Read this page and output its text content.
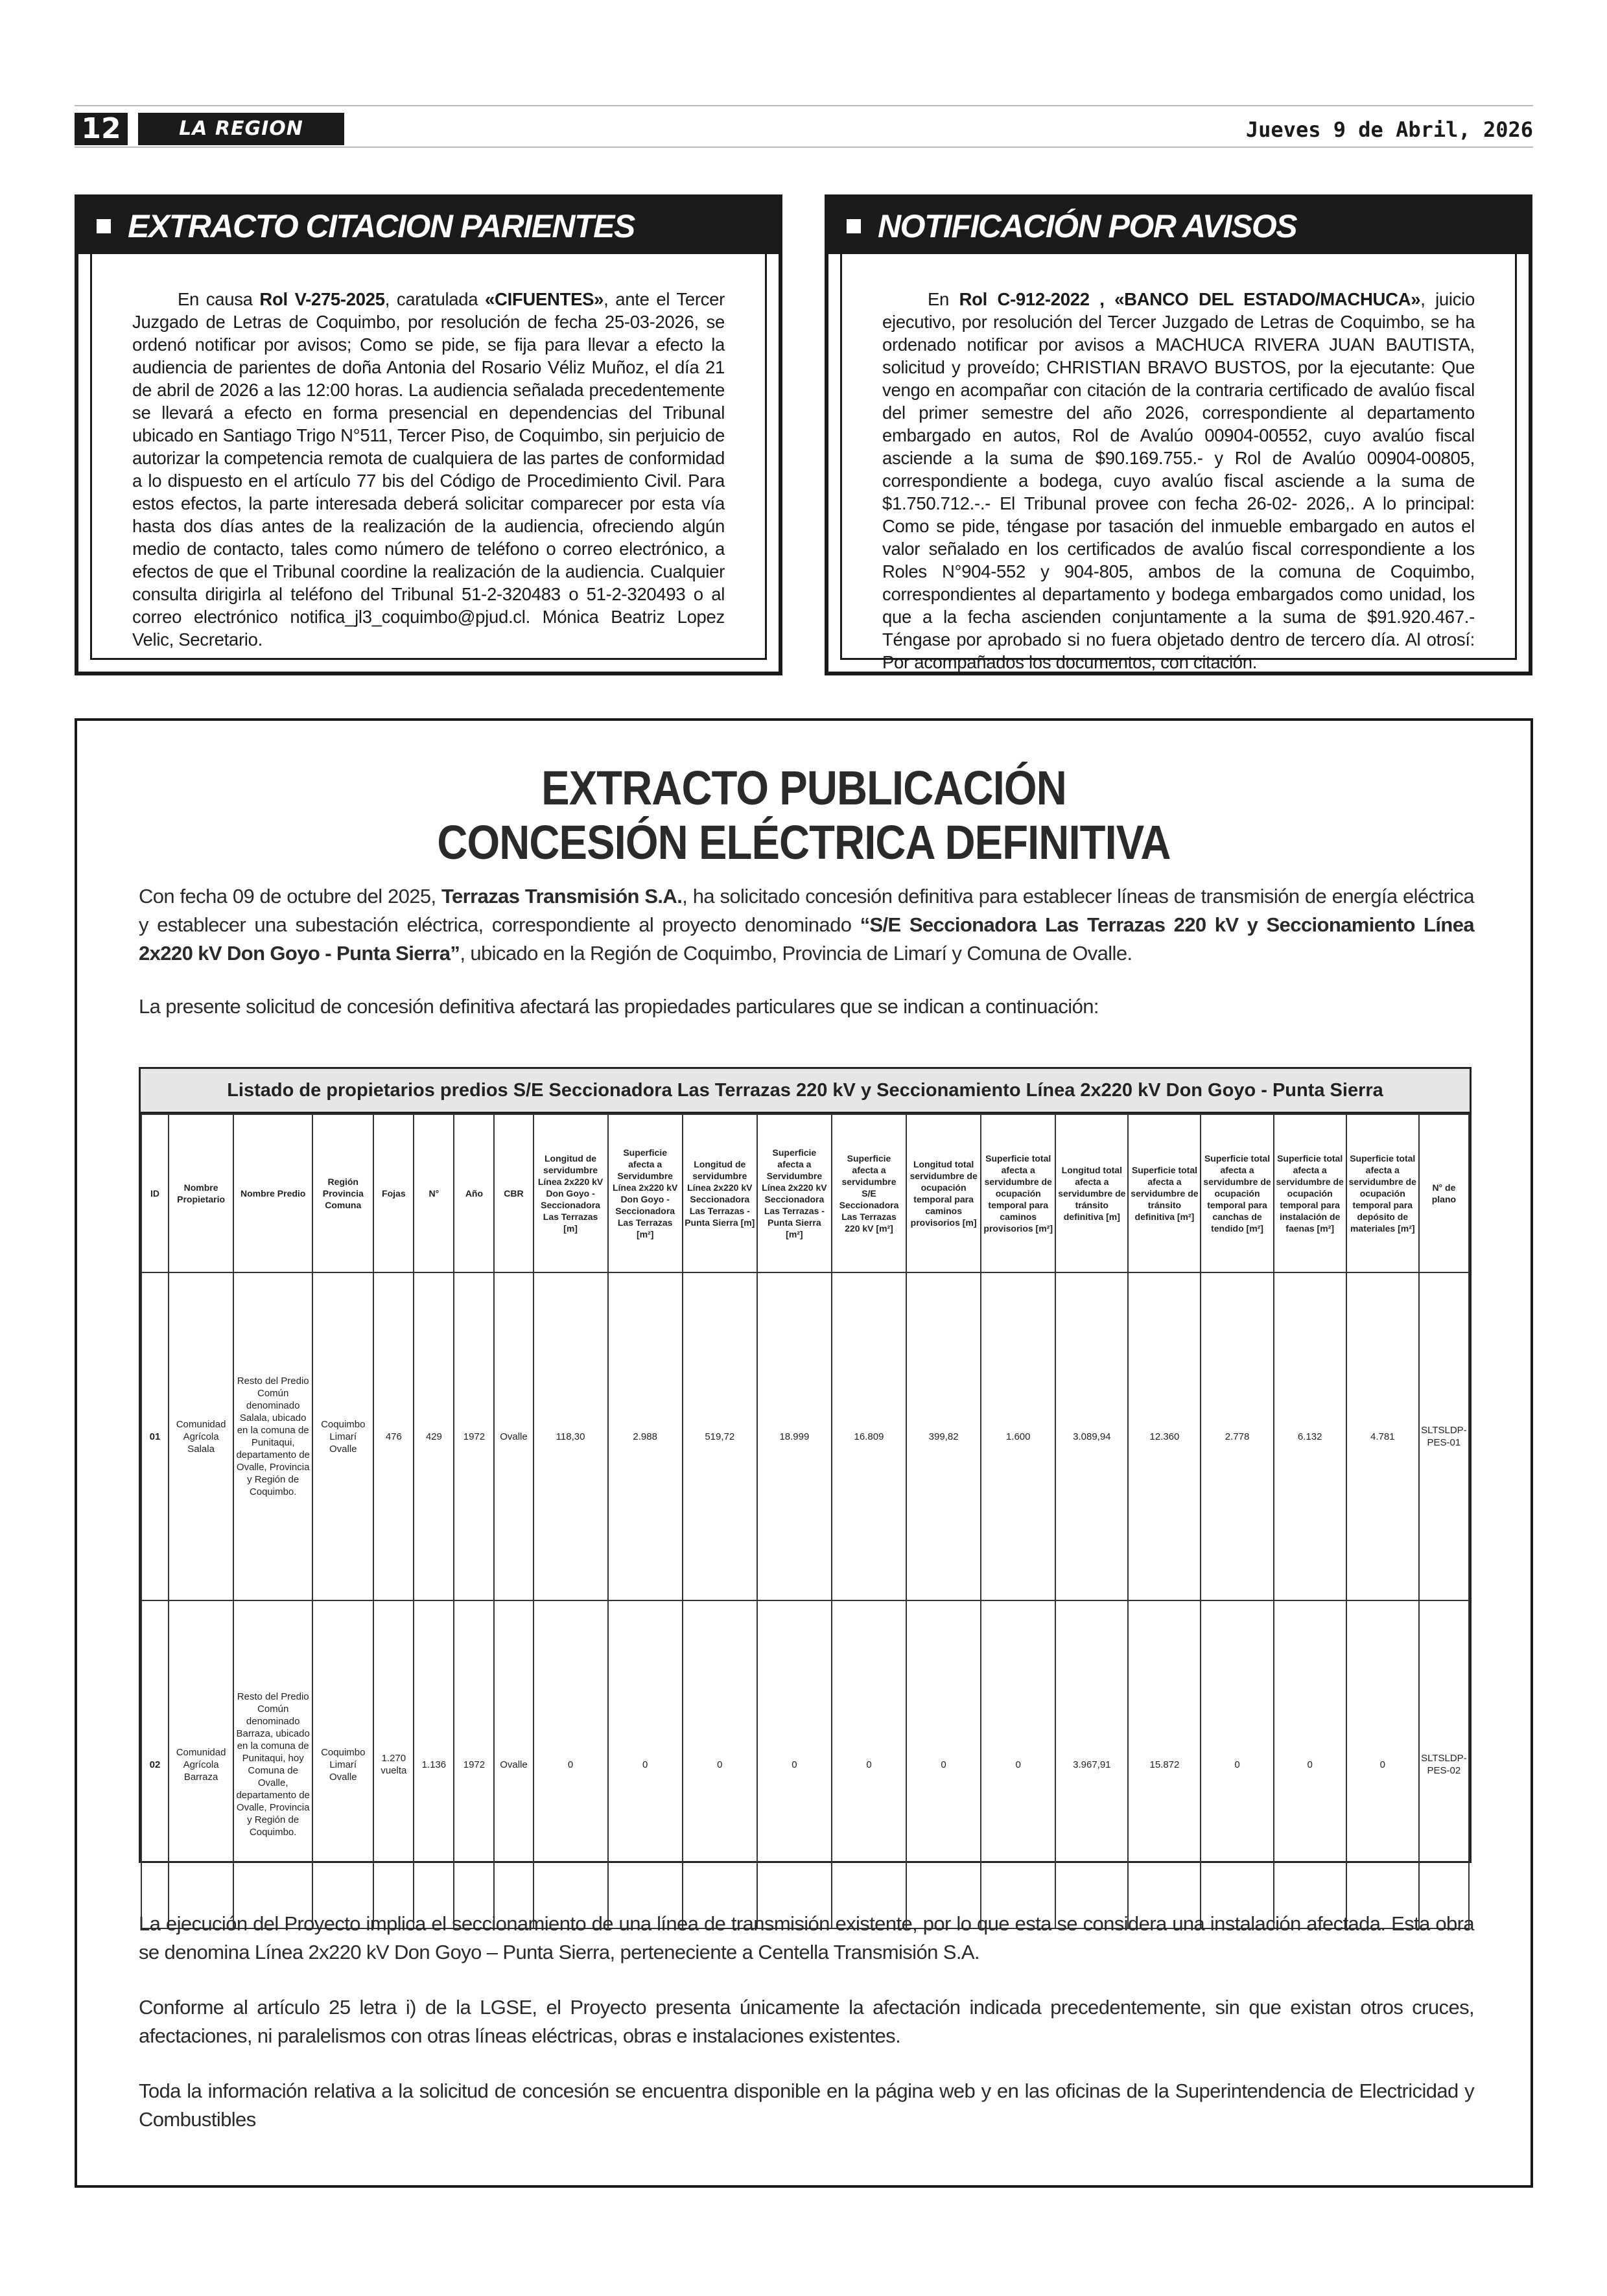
12	LA REGION	Jueves 9 de Abril, 2026
EXTRACTO CITACION PARIENTES
En causa Rol V-275-2025, caratulada «CIFUENTES», ante el Tercer Juzgado de Letras de Coquimbo, por resolución de fecha 25-03-2026, se ordenó notificar por avisos; Como se pide, se fija para llevar a efecto la audiencia de parientes de doña Antonia del Rosario Véliz Muñoz, el día 21 de abril de 2026 a las 12:00 horas. La audiencia señalada precedentemente se llevará a efecto en forma presencial en dependencias del Tribunal ubicado en Santiago Trigo N°511, Tercer Piso, de Coquimbo, sin perjuicio de autorizar la competencia remota de cualquiera de las partes de conformidad a lo dispuesto en el artículo 77 bis del Código de Procedimiento Civil. Para estos efectos, la parte interesada deberá solicitar comparecer por esta vía hasta dos días antes de la realización de la audiencia, ofreciendo algún medio de contacto, tales como número de teléfono o correo electrónico, a efectos de que el Tribunal coordine la realización de la audiencia. Cualquier consulta dirigirla al teléfono del Tribunal 51-2-320483 o 51-2-320493 o al correo electrónico notifica_jl3_coquimbo@pjud.cl. Mónica Beatriz Lopez Velic, Secretario.
NOTIFICACIÓN POR AVISOS
En Rol C-912-2022 , «BANCO DEL ESTADO/MACHUCA», juicio ejecutivo, por resolución del Tercer Juzgado de Letras de Coquimbo, se ha ordenado notificar por avisos a MACHUCA RIVERA JUAN BAUTISTA, solicitud y proveído; CHRISTIAN BRAVO BUSTOS, por la ejecutante: Que vengo en acompañar con citación de la contraria certificado de avalúo fiscal del primer semestre del año 2026, correspondiente al departamento embargado en autos, Rol de Avalúo 00904-00552, cuyo avalúo fiscal asciende a la suma de $90.169.755.- y Rol de Avalúo 00904-00805, correspondiente a bodega, cuyo avalúo fiscal asciende a la suma de $1.750.712.-.- El Tribunal provee con fecha 26-02- 2026,. A lo principal: Como se pide, téngase por tasación del inmueble embargado en autos el valor señalado en los certificados de avalúo fiscal correspondiente a los Roles N°904-552 y 904-805, ambos de la comuna de Coquimbo, correspondientes al departamento y bodega embargados como unidad, los que a la fecha ascienden conjuntamente a la suma de $91.920.467.- Téngase por aprobado si no fuera objetado dentro de tercero día. Al otrosí: Por acompañados los documentos, con citación.
EXTRACTO PUBLICACIÓN
CONCESIÓN ELÉCTRICA DEFINITIVA
Con fecha 09 de octubre del 2025, Terrazas Transmisión S.A., ha solicitado concesión definitiva para establecer líneas de transmisión de energía eléctrica y establecer una subestación eléctrica, correspondiente al proyecto denominado “S/E Seccionadora Las Terrazas 220 kV y Seccionamiento Línea 2x220 kV Don Goyo - Punta Sierra”, ubicado en la Región de Coquimbo, Provincia de Limarí y Comuna de Ovalle.
La presente solicitud de concesión definitiva afectará las propiedades particulares que se indican a continuación:
Listado de propietarios predios S/E Seccionadora Las Terrazas 220 kV y Seccionamiento Línea 2x220 kV Don Goyo - Punta Sierra
ID	Nombre Propietario	Nombre Predio	Región Provincia Comuna	Fojas	N°	Año	CBR	Longitud de servidumbre Línea 2x220 kV Don Goyo - Seccionadora Las Terrazas [m]	Superficie afecta a Servidumbre Línea 2x220 kV Don Goyo - Seccionadora Las Terrazas [m²]	Longitud de servidumbre Línea 2x220 kV Seccionadora Las Terrazas - Punta Sierra [m]	Superficie afecta a Servidumbre Línea 2x220 kV Seccionadora Las Terrazas - Punta Sierra [m²]	Superficie afecta a servidumbre S/E Seccionadora Las Terrazas 220 kV [m²]	Longitud total servidumbre de ocupación temporal para caminos provisorios [m]	Superficie total afecta a servidumbre de ocupación temporal para caminos provisorios [m²]	Longitud total afecta a servidumbre de tránsito definitiva [m]	Superficie total afecta a servidumbre de tránsito definitiva [m²]	Superficie total afecta a servidumbre de ocupación temporal para canchas de tendido [m²]	Superficie total afecta a servidumbre de ocupación temporal para instalación de faenas [m²]	Superficie total afecta a servidumbre de ocupación temporal para depósito de materiales [m²]	N° de plano
01	Comunidad Agrícola Salala	Resto del Predio Común denominado Salala, ubicado en la comuna de Punitaqui, departamento de Ovalle, Provincia y Región de Coquimbo.	Coquimbo Limarí Ovalle	476	429	1972	Ovalle	118,30	2.988	519,72	18.999	16.809	399,82	1.600	3.089,94	12.360	2.778	6.132	4.781	SLTSLDP-PES-01
02	Comunidad Agrícola Barraza	Resto del Predio Común denominado Barraza, ubicado en la comuna de Punitaqui, hoy Comuna de Ovalle, departamento de Ovalle, Provincia y Región de Coquimbo.	Coquimbo Limarí Ovalle	1.270 vuelta	1.136	1972	Ovalle	0	0	0	0	0	0	0	3.967,91	15.872	0	0	0	SLTSLDP-PES-02
La ejecución del Proyecto implica el seccionamiento de una línea de transmisión existente, por lo que esta se considera una instalación afectada. Esta obra se denomina Línea 2x220 kV Don Goyo – Punta Sierra, perteneciente a Centella Transmisión S.A.
Conforme al artículo 25 letra i) de la LGSE, el Proyecto presenta únicamente la afectación indicada precedentemente, sin que existan otros cruces, afectaciones, ni paralelismos con otras líneas eléctricas, obras e instalaciones existentes.
Toda la información relativa a la solicitud de concesión se encuentra disponible en la página web y en las oficinas de la Superintendencia de Electricidad y Combustibles
